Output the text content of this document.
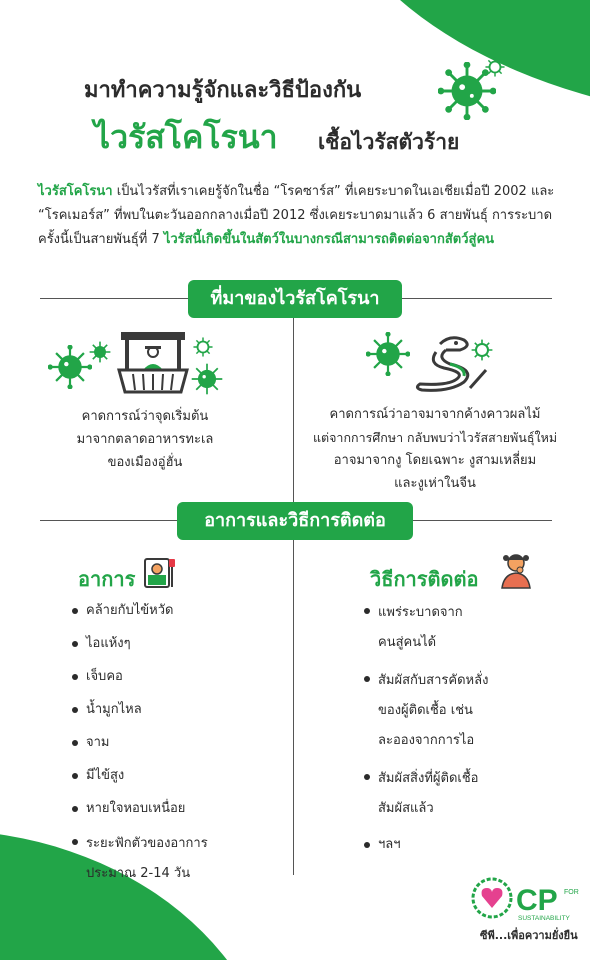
มาทำความรู้จักและวิธีป้องกัน
ไวรัสโคโรนา เชื้อไวรัสตัวร้าย
ไวรัสโคโรนา เป็นไวรัสที่เราเคยรู้จักในชื่อ “โรคซาร์ส” ที่เคยระบาดในเอเชียเมื่อปี 2002 และ “โรคเมอร์ส” ที่พบในตะวันออกกลางเมื่อปี 2012 ซึ่งเคยระบาดมาแล้ว 6 สายพันธุ์ การระบาดครั้งนี้เป็นสายพันธุ์ที่ 7 ไวรัสนี้เกิดขึ้นในสัตว์ในบางกรณีสามารถติดต่อจากสัตว์สู่คน
ที่มาของไวรัสโคโรนา
คาดการณ์ว่าจุดเริ่มต้น
มาจากตลาดอาหารทะเล
ของเมืองอู่ฮั่น
คาดการณ์ว่าอาจมาจากค้างคาวผลไม้
แต่จากการศึกษา กลับพบว่าไวรัสสายพันธุ์ใหม่
อาจมาจากงู โดยเฉพาะ งูสามเหลี่ยม
และงูเห่าในจีน
อาการและวิธีการติดต่อ
อาการ
คล้ายกับไข้หวัด
ไอแห้งๆ
เจ็บคอ
น้ำมูกไหล
จาม
มีไข้สูง
หายใจหอบเหนื่อย
ระยะฟักตัวของอาการ
ประมาณ 2-14 วัน
วิธีการติดต่อ
แพร่ระบาดจาก
คนสู่คนได้
สัมผัสกับสารคัดหลั่ง
ของผู้ติดเชื้อ เช่น
ละอองจากการไอ
สัมผัสสิ่งที่ผู้ติดเชื้อ
สัมผัสแล้ว
ฯลฯ
CP FOR
SUSTAINABILITY
ซีพี...เพื่อความยั่งยืน
